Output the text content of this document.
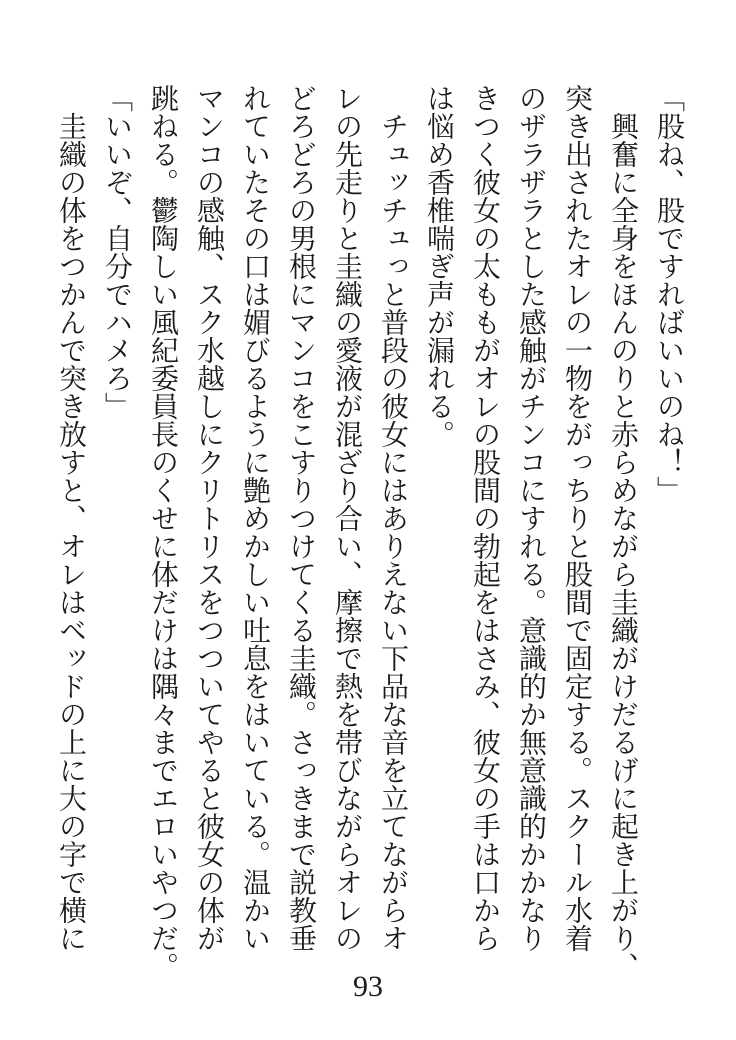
「股ね、股ですればいいのね！」
　興奮に全身をほんのりと赤らめながら圭織がけだるげに起き上がり、
突き出されたオレの一物をがっちりと股間で固定する。スクール水着
のザラザラとした感触がチンコにすれる。意識的か無意識的かかなり
きつく彼女の太ももがオレの股間の勃起をはさみ、彼女の手は口から
は悩め香椎喘ぎ声が漏れる。
　チュッチュっと普段の彼女にはありえない下品な音を立てながらオ
レの先走りと圭織の愛液が混ざり合い、摩擦で熱を帯びながらオレの
どろどろの男根にマンコをこすりつけてくる圭織。さっきまで説教垂
れていたその口は媚びるように艶めかしい吐息をはいている。温かい
マンコの感触、スク水越しにクリトリスをつついてやると彼女の体が
跳ねる。鬱陶しい風紀委員長のくせに体だけは隅々までエロいやつだ。
「いいぞ、自分でハメろ」
　圭織の体をつかんで突き放すと、オレはベッドの上に大の字で横に
93
